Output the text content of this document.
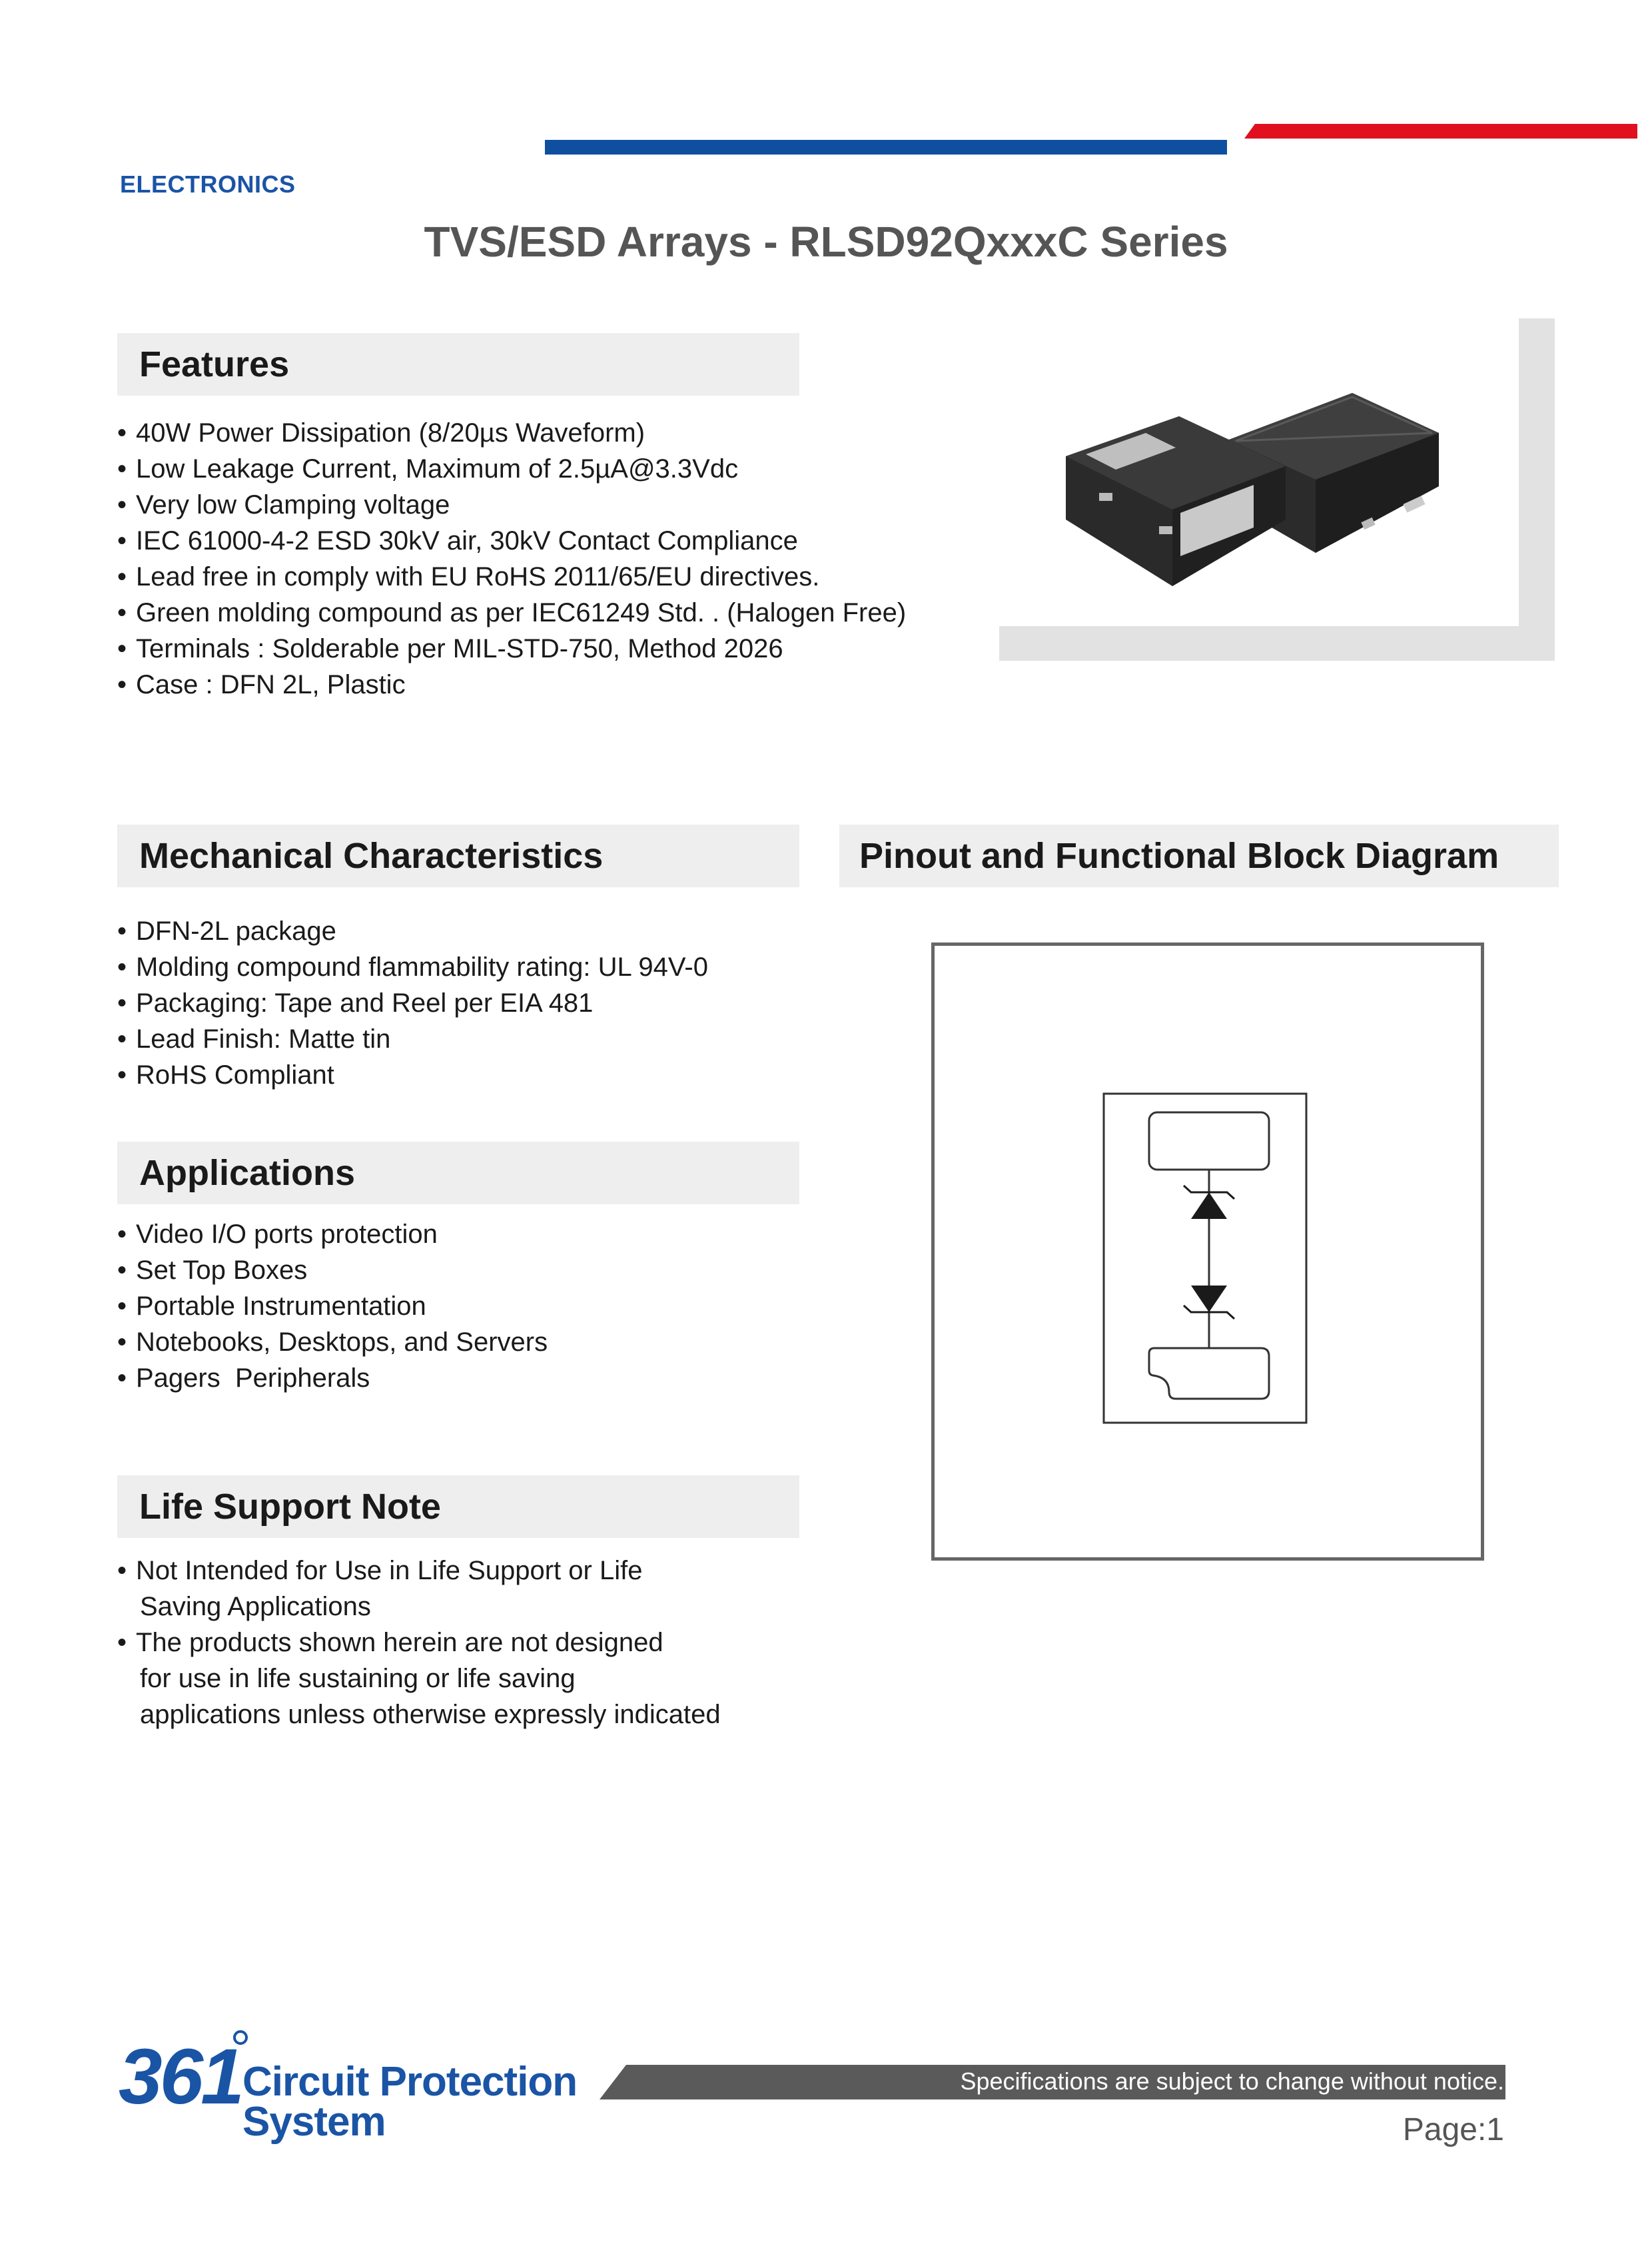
ELECTRONICS
TVS/ESD Arrays - RLSD92QxxxC Series
Features
• 40W Power Dissipation (8/20µs Waveform)
• Low Leakage Current, Maximum of 2.5µA@3.3Vdc
• Very low Clamping voltage
• IEC 61000-4-2 ESD 30kV air, 30kV Contact Compliance
• Lead free in comply with EU RoHS 2011/65/EU directives.
• Green molding compound as per IEC61249 Std. . (Halogen Free)
• Terminals : Solderable per MIL-STD-750, Method 2026
• Case : DFN 2L, Plastic
Mechanical Characteristics
• DFN-2L package
• Molding compound flammability rating: UL 94V-0
• Packaging: Tape and Reel per EIA 481
• Lead Finish: Matte tin
• RoHS Compliant
Pinout and Functional Block Diagram
Applications
• Video I/O ports protection
• Set Top Boxes
• Portable Instrumentation
• Notebooks, Desktops, and Servers
• Pagers  Peripherals
Life Support Note
• Not Intended for Use in Life Support or Life
Saving Applications
• The products shown herein are not designed
for use in life sustaining or life saving
applications unless otherwise expressly indicated
361 Circuit Protection
System
Specifications are subject to change without notice.
Page:1
